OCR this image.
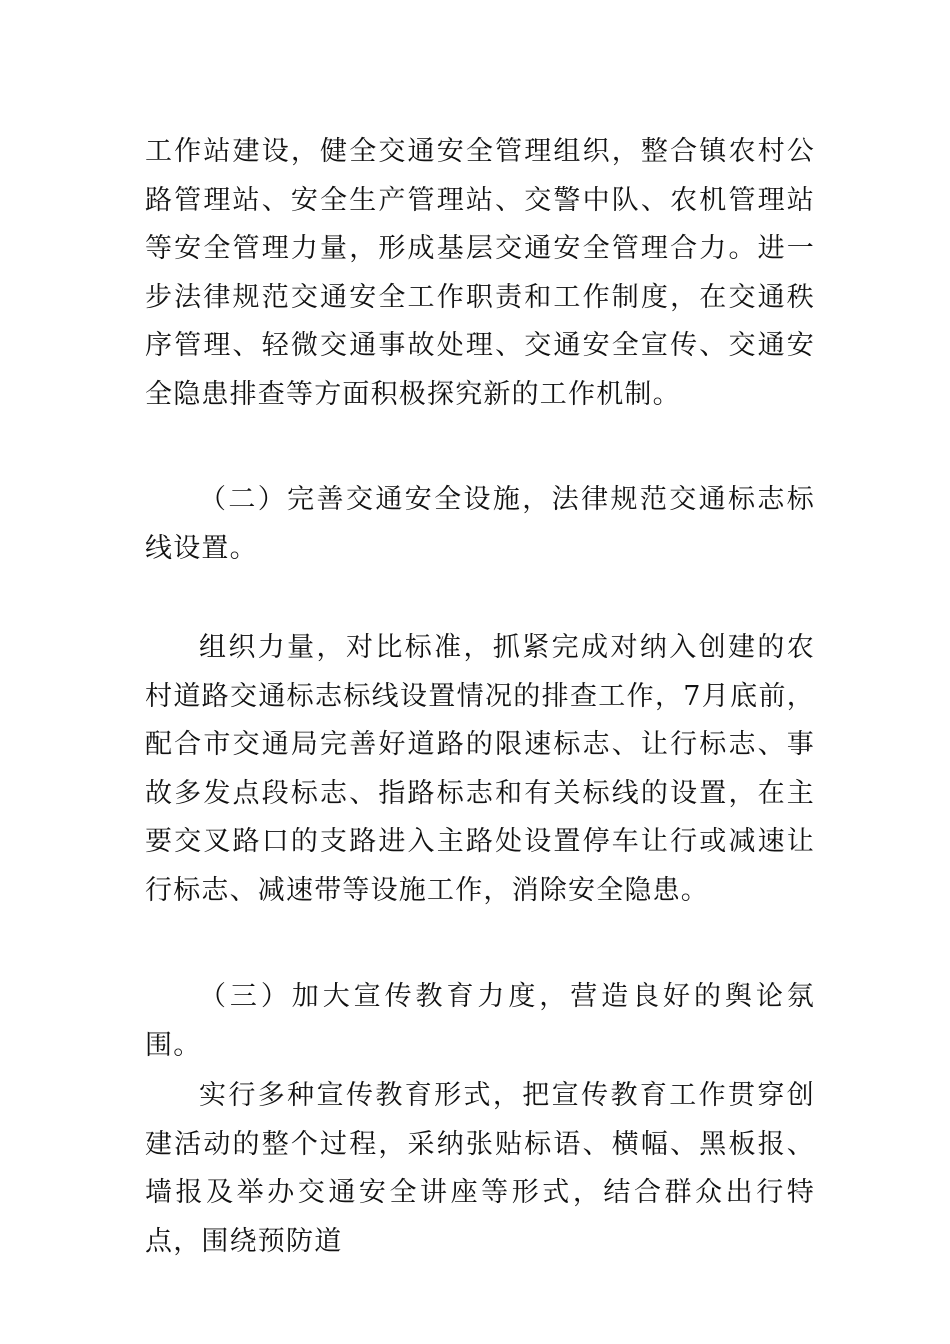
工作站建设，健全交通安全管理组织，整合镇农村公路管理站、安全生产管理站、交警中队、农机管理站等安全管理力量，形成基层交通安全管理合力。进一步法律规范交通安全工作职责和工作制度，在交通秩序管理、轻微交通事故处理、交通安全宣传、交通安全隐患排查等方面积极探究新的工作机制。

（二）完善交通安全设施，法律规范交通标志标线设置。

组织力量，对比标准，抓紧完成对纳入创建的农村道路交通标志标线设置情况的排查工作，7月底前，配合市交通局完善好道路的限速标志、让行标志、事故多发点段标志、指路标志和有关标线的设置，在主要交叉路口的支路进入主路处设置停车让行或减速让行标志、减速带等设施工作，消除安全隐患。

（三）加大宣传教育力度，营造良好的舆论氛围。

实行多种宣传教育形式，把宣传教育工作贯穿创建活动的整个过程，采纳张贴标语、横幅、黑板报、墙报及举办交通安全讲座等形式，结合群众出行特点，围绕预防道
